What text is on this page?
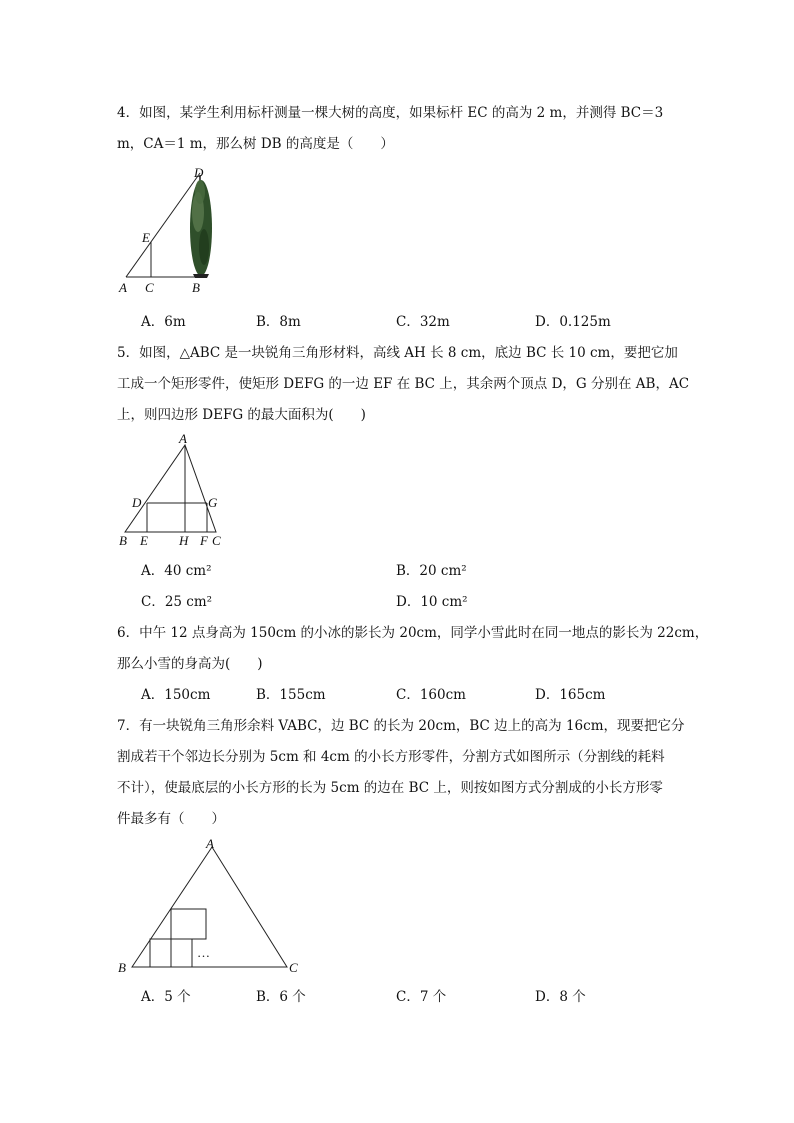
4．如图，某学生利用标杆测量一棵大树的高度，如果标杆 EC 的高为 2 m，并测得 BC＝3
m，CA＝1 m，那么树 DB 的高度是（　　）
D
E
A C	B
A．6m	B．8m	C．32m	D．0.125m
5．如图，△ABC 是一块锐角三角形材料，高线 AH 长 8 cm，底边 BC 长 10 cm，要把它加
工成一个矩形零件，使矩形 DEFG 的一边 EF 在 BC 上，其余两个顶点 D，G 分别在 AB，AC
上，则四边形 DEFG 的最大面积为(　　)
A
D	G
B E H F C
A．40 cm²	B．20 cm²
C．25 cm²	D．10 cm²
6．中午 12 点身高为 150cm 的小冰的影长为 20cm，同学小雪此时在同一地点的影长为 22cm，
那么小雪的身高为(　　)
A．150cm	B．155cm	C．160cm	D．165cm
7．有一块锐角三角形余料 VABC，边 BC 的长为 20cm，BC 边上的高为 16cm，现要把它分
割成若干个邻边长分别为 5cm 和 4cm 的小长方形零件，分割方式如图所示（分割线的耗料
不计），使最底层的小长方形的长为 5cm 的边在 BC 上，则按如图方式分割成的小长方形零
件最多有（　　）
A
B	C
…
A．5 个	B．6 个	C．7 个	D．8 个
